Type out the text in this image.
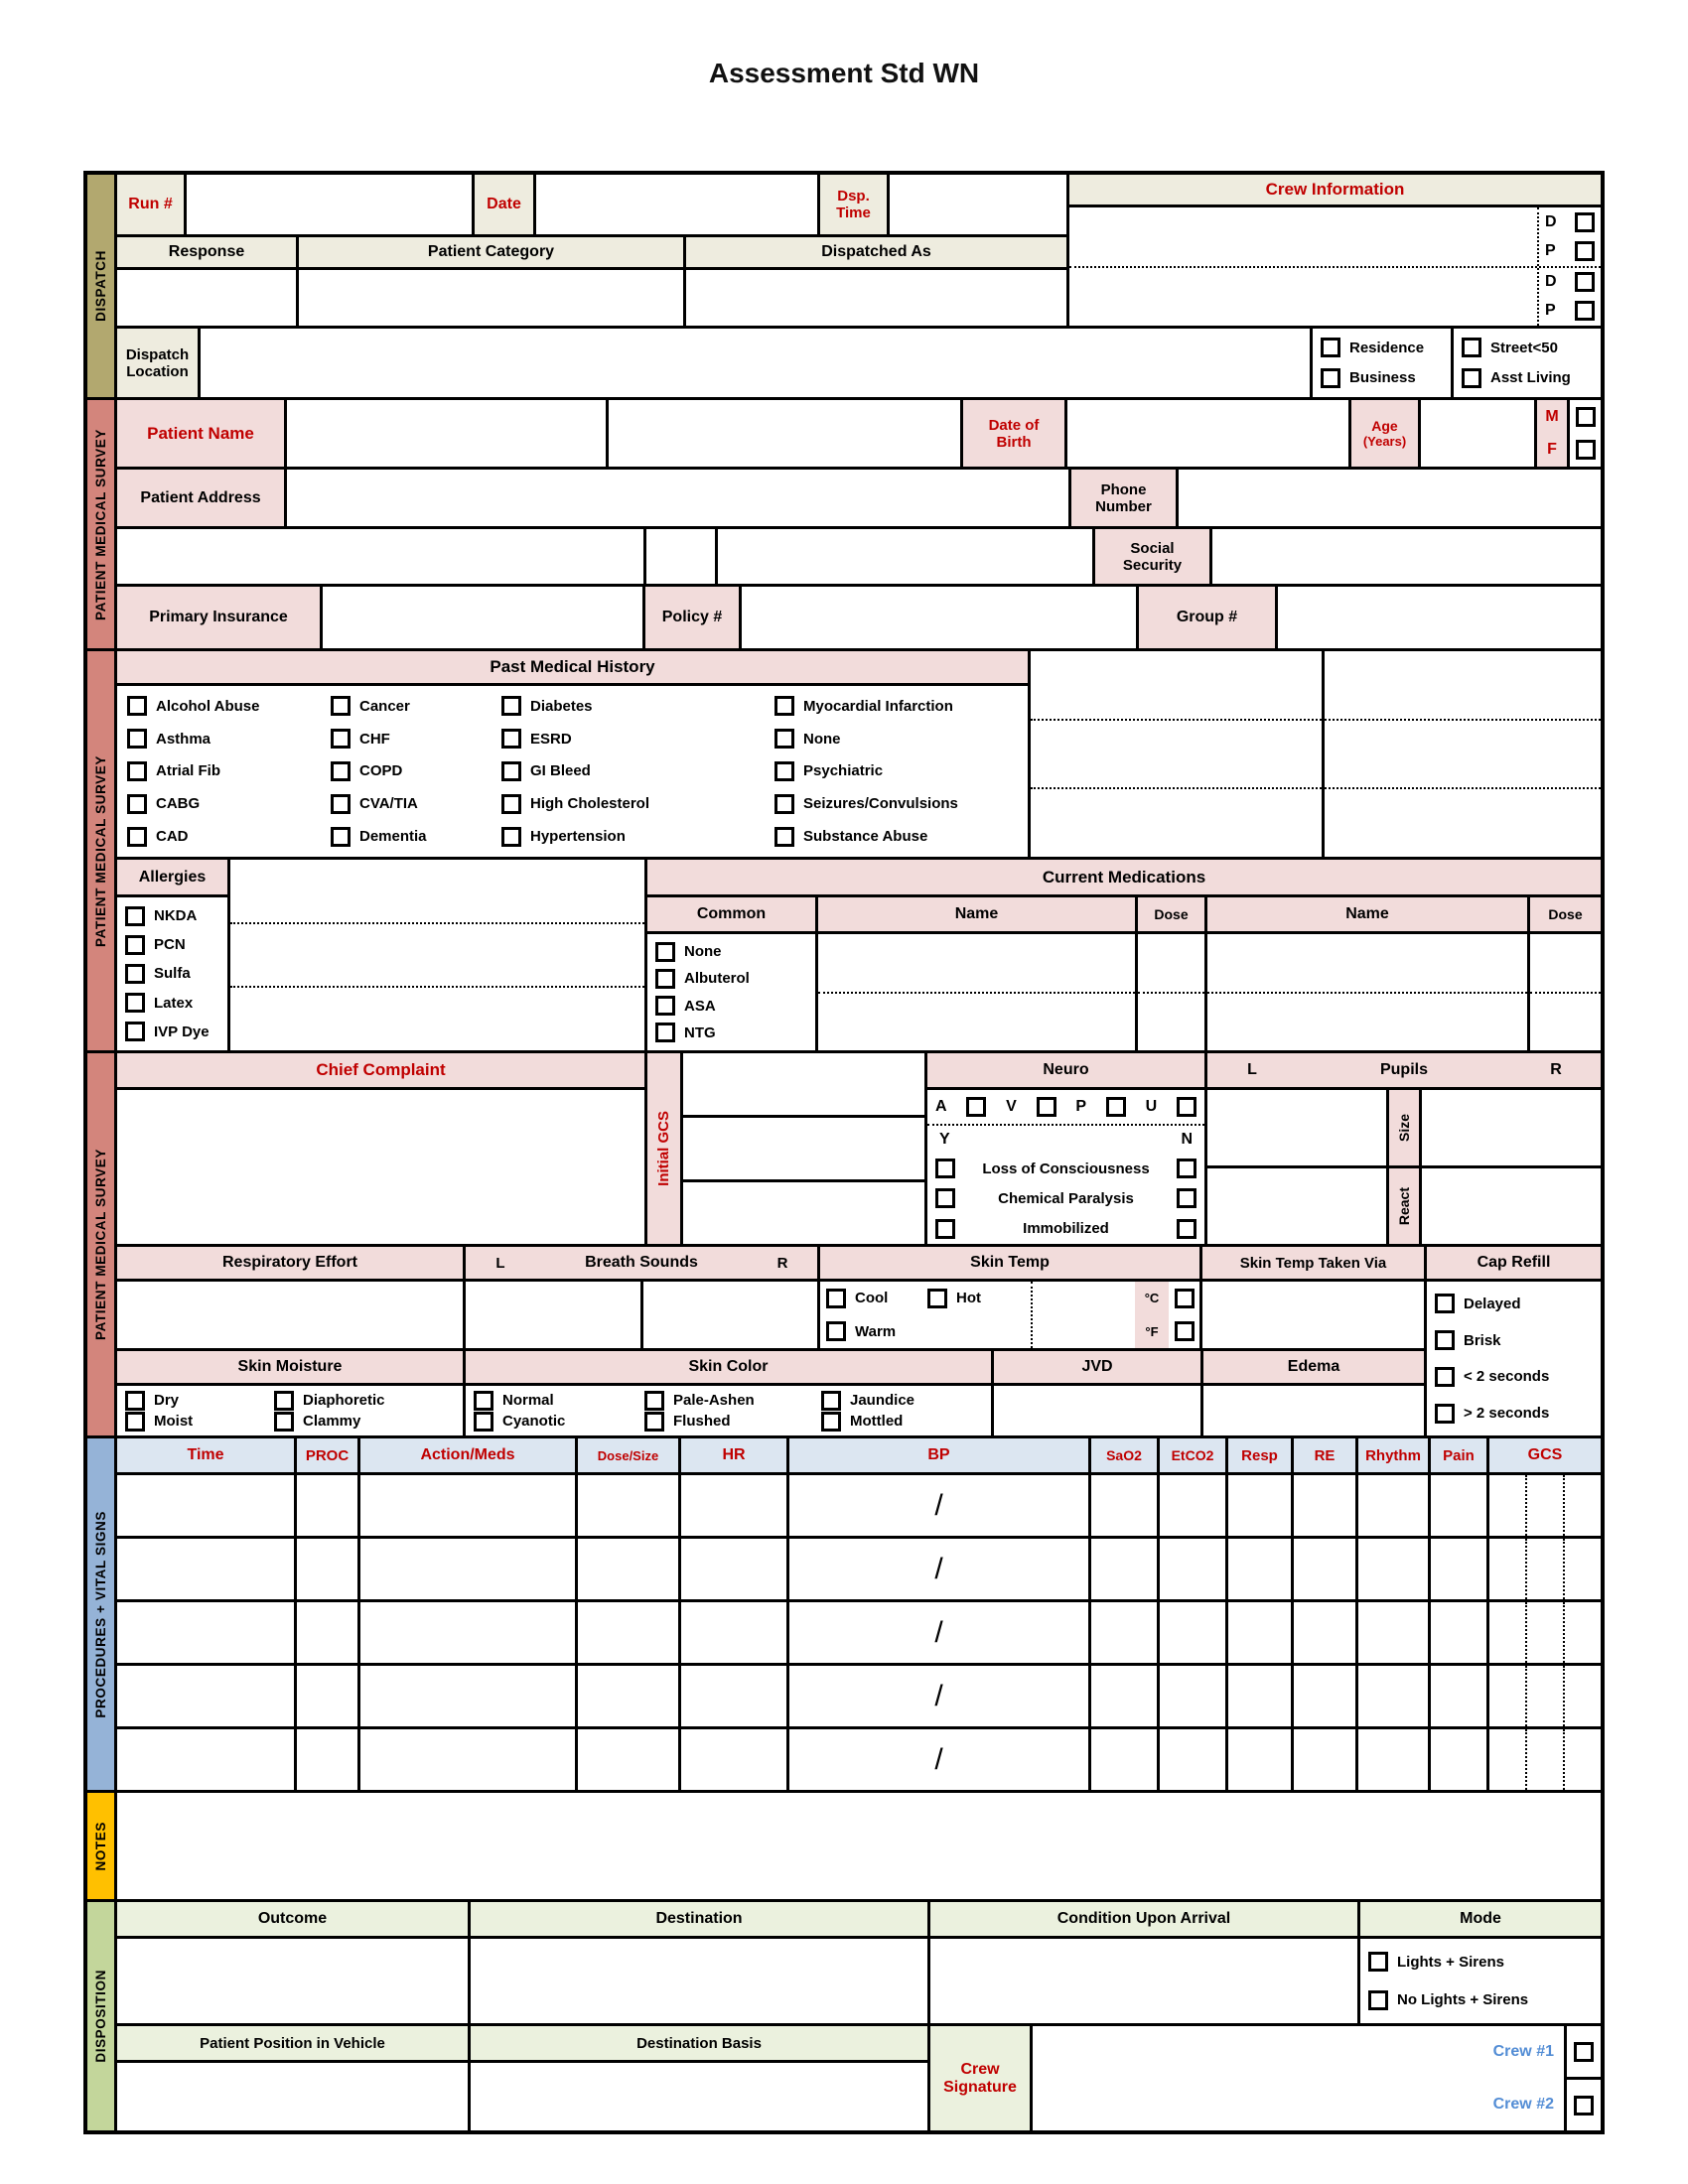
Assessment Std WN
DISPATCH
Run #	Date	Dsp.
Time
Response	Patient Category	Dispatched As
Crew Information
D
P
D
P
Dispatch
Location
Residence
Business
Street<50
Asst Living
PATIENT MEDICAL SURVEY	Patient Name	Date of
Birth
Age
(Years)
M
F
Patient Address	Phone
Number
Social
Security
Primary Insurance	Policy #	Group #
PATIENT MEDICAL SURVEY
Past Medical History
Alcohol Abuse
Asthma
Atrial Fib
CABG
CAD
Cancer
CHF
COPD
CVA/TIA
Dementia
Diabetes
ESRD
GI Bleed
High Cholesterol
Hypertension
Myocardial Infarction
None
Psychiatric
Seizures/Convulsions
Substance Abuse
Allergies
NKDA
PCN
Sulfa
Latex
IVP Dye
Current Medications
Common	Name	Dose	Name	Dose
None
Albuterol
ASA
NTG
PATIENT MEDICAL SURVEY
Chief Complaint
Initial GCS
Neuro
A	V	P	U
Y	N
Loss of Consciousness
Chemical Paralysis
Immobilized
L	Pupils	R
Size
React
Respiratory Effort	L	Breath Sounds	R	Skin Temp
Cool	Hot
Warm
°C
°F
Skin Temp Taken Via
Skin Moisture
Dry
Moist
Diaphoretic
Clammy
Skin Color
Normal
Cyanotic
Pale-Ashen
Flushed
Jaundice
Mottled
JVD	Edema
Cap Refill
Delayed
Brisk
< 2 seconds
> 2 seconds
PROCEDURES + VITAL SIGNS
Time	PROC	Action/Meds	Dose/Size	HR	BP	SaO2	EtCO2	Resp	RE	Rhythm	Pain	GCS
/
/
/
/
/
NOTES
DISPOSITION
Outcome	Destination	Condition Upon Arrival	Mode
Lights + Sirens
No Lights + Sirens
Patient Position in Vehicle	Destination Basis
Crew
Signature
Crew #1
Crew #2
